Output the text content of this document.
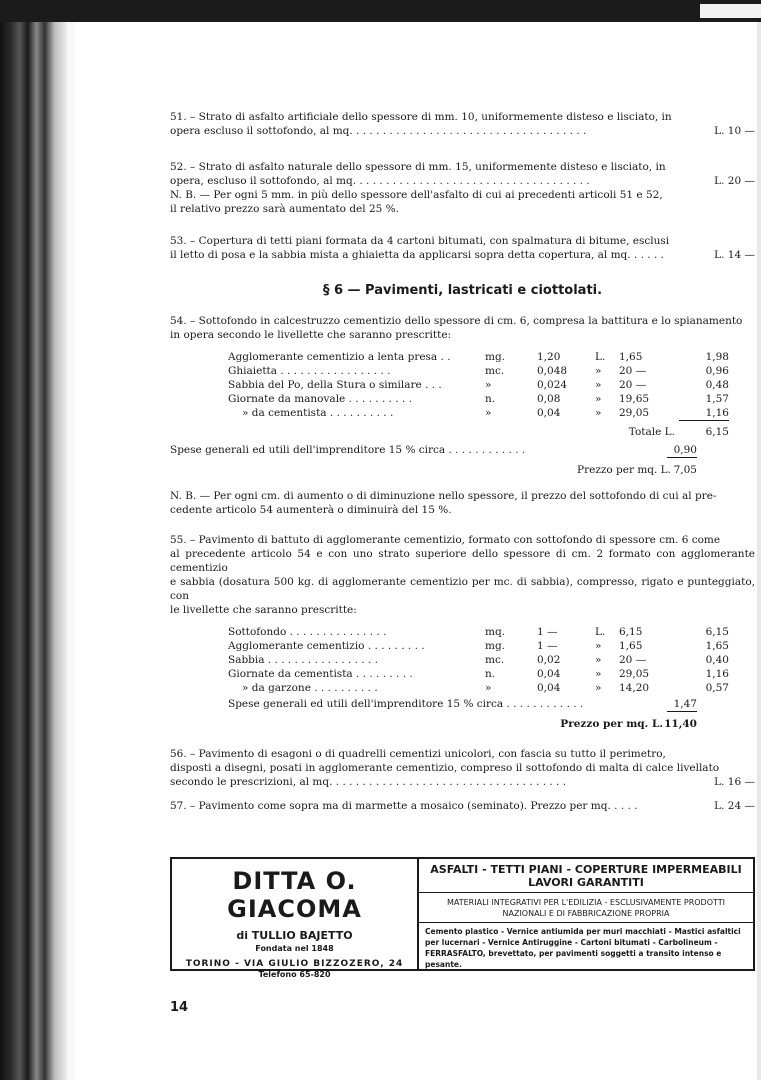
51. – Strato di asfalto artificiale dello spessore di mm. 10, uniformemente disteso e lisciato, in

opera escluso il sottofondo, al mq. . . . . . . . . . . . . . . . . . . . . . . . . . . . . . . . . . . .	L. 10 —

52. – Strato di asfalto naturale dello spessore di mm. 15, uniformemente disteso e lisciato, in

opera, escluso il sottofondo, al mq. . . . . . . . . . . . . . . . . . . . . . . . . . . . . . . . . . . .	L. 20 —

N. B. — Per ogni 5 mm. in più dello spessore dell'asfalto di cui ai precedenti articoli 51 e 52,

il relativo prezzo sarà aumentato del 25 %.

53. – Copertura di tetti piani formata da 4 cartoni bitumati, con spalmatura di bitume, esclusi

il letto di posa e la sabbia mista a ghiaietta da applicarsi sopra detta copertura, al mq. . . . . .	L. 14 —
§ 6 — Pavimenti, lastricati e ciottolati.

54. – Sottofondo in calcestruzzo cementizio dello spessore di cm. 6, compresa la battitura e lo spianamento

in opera secondo le livellette che saranno prescritte:

Agglomerante cementizio a lenta presa . .	mg.	1,20	L.	1,65	1,98
Ghiaietta . . . . . . . . . . . . . . . . .	mc.	0,048	»	20 —	0,96
Sabbia del Po, della Stura o similare . . .	»	0,024	»	20 —	0,48
Giornate da manovale . . . . . . . . . .	n.	0,08	»	19,65	1,57
» da cementista . . . . . . . . . .	»	0,04	»	29,05	1,16
Totale L.					6,15
Spese generali ed utili dell'imprenditore 15 % circa . . . . . . . . . . . .	0,90
Prezzo per mq. L. 7,05

N. B. — Per ogni cm. di aumento o di diminuzione nello spessore, il prezzo del sottofondo di cui al pre-

cedente articolo 54 aumenterà o diminuirà del 15 %.

55. – Pavimento di battuto di agglomerante cementizio, formato con sottofondo di spessore cm. 6 come

al precedente articolo 54 e con uno strato superiore dello spessore di cm. 2 formato con agglomerante cementizio

e sabbia (dosatura 500 kg. di agglomerante cementizio per mc. di sabbia), compresso, rigato e punteggiato, con

le livellette che saranno prescritte:

Sottofondo . . . . . . . . . . . . . . .	mq.	1 —	L.	6,15	6,15
Agglomerante cementizio . . . . . . . . .	mg.	1 —	»	1,65	1,65
Sabbia . . . . . . . . . . . . . . . . .	mc.	0,02	»	20 —	0,40
Giornate da cementista . . . . . . . . .	n.	0,04	»	29,05	1,16
» da garzone . . . . . . . . . .	»	0,04	»	14,20	0,57
Spese generali ed utili dell'imprenditore 15 % circa . . . . . . . . . . . .	1,47
Prezzo per mq. L. 11,40

56. – Pavimento di esagoni o di quadrelli cementizi unicolori, con fascia su tutto il perimetro,

disposti a disegni, posati in agglomerante cementizio, compreso il sottofondo di malta di calce livellato

secondo le prescrizioni, al mq. . . . . . . . . . . . . . . . . . . . . . . . . . . . . . . . . . . .	L. 16 —

57. – Pavimento come sopra ma di marmette a mosaico (seminato). Prezzo per mq. . . . .	L. 24 —
DITTA O. GIACOMA
di TULLIO BAJETTO
Fondata nel 1848
TORINO - VIA GIULIO BIZZOZERO, 24
Telefono 65-820
ASFALTI - TETTI PIANI - COPERTURE IMPERMEABILI LAVORI GARANTITI
MATERIALI INTEGRATIVI PER L'EDILIZIA - ESCLUSIVAMENTE PRODOTTI NAZIONALI E DI FABBRICAZIONE PROPRIA
Cemento plastico - Vernice antiumida per muri macchiati - Mastici asfaltici per lucernari - Vernice Antiruggine - Cartoni bitumati - Carbolineum - FERRASFALTO, brevettato, per pavimenti soggetti a transito intenso e pesante.
14
